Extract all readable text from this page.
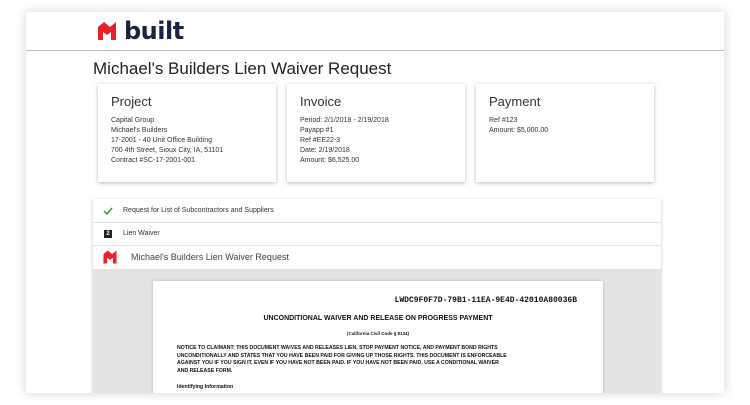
built
Michael's Builders Lien Waiver Request
Project
Capital Group
Michael's Builders
17-2001 - 40 Unit Office Building
700 4th Street, Sioux City, IA, 51101
Contract #SC-17-2001-001
Invoice
Period: 2/1/2018 - 2/19/2018
Payapp #1
Ref #EE22-3
Date: 2/19/2018
Amount: $6,525.00
Payment
Ref #123
Amount: $5,000.00
Request for List of Subcontractors and Suppliers
2	Lien Waiver
Michael's Builders Lien Waiver Request
LWDC9F0F7D-79B1-11EA-9E4D-42010A80036B
UNCONDITIONAL WAIVER AND RELEASE ON PROGRESS PAYMENT
(California Civil Code § 8134)
NOTICE TO CLAIMANT: THIS DOCUMENT WAIVES AND RELEASES LIEN, STOP PAYMENT NOTICE, AND PAYMENT BOND RIGHTS
UNCONDITIONALLY AND STATES THAT YOU HAVE BEEN PAID FOR GIVING UP THOSE RIGHTS. THIS DOCUMENT IS ENFORCEABLE
AGAINST YOU IF YOU SIGN IT, EVEN IF YOU HAVE NOT BEEN PAID. IF YOU HAVE NOT BEEN PAID, USE A CONDITIONAL WAIVER
AND RELEASE FORM.
Identifying Information
